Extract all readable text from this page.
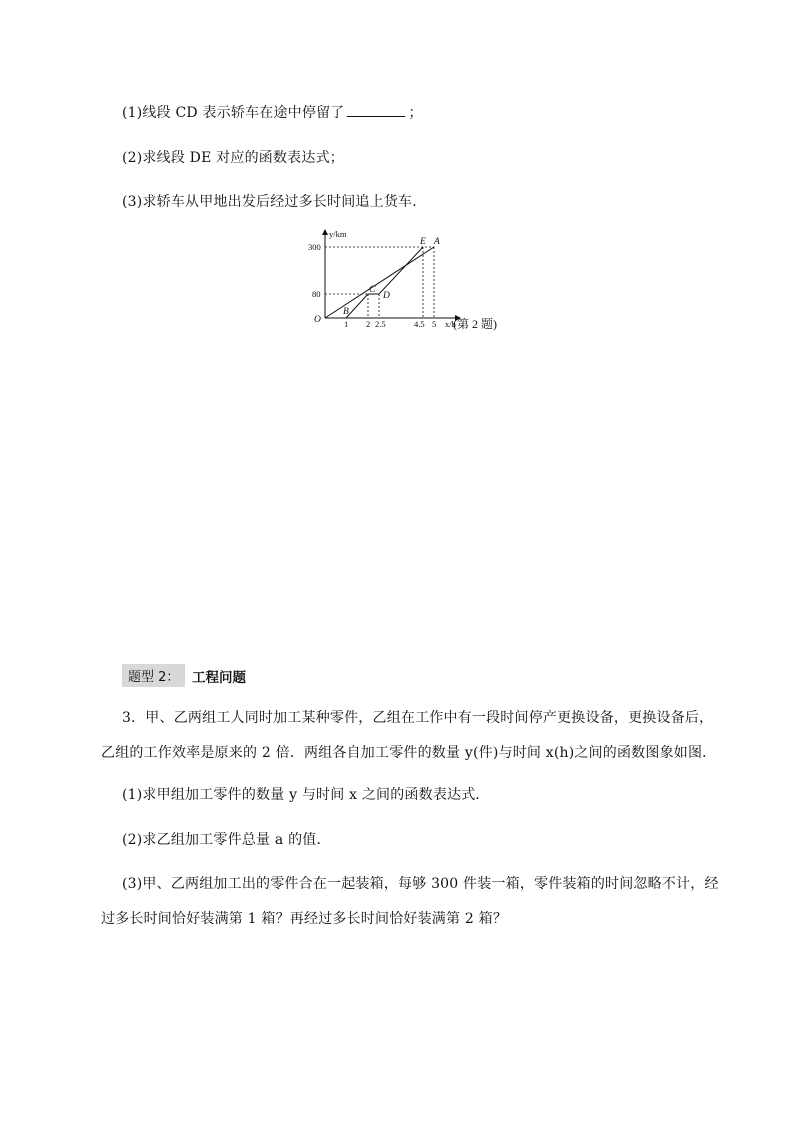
(1)线段 CD 表示轿车在途中停留了	；
(2)求线段 DE 对应的函数表达式；
(3)求轿车从甲地出发后经过多长时间追上货车．
y/km
x/h
300
80
1 2 2.5	4.5 5
O
A
B
C
D
E
(第 2 题)
题型 2： 工程问题
3．甲、乙两组工人同时加工某种零件，乙组在工作中有一段时间停产更换设备，更换设备后，
乙组的工作效率是原来的 2 倍．两组各自加工零件的数量 y(件)与时间 x(h)之间的函数图象如图．
(1)求甲组加工零件的数量 y 与时间 x 之间的函数表达式．
(2)求乙组加工零件总量 a 的值．
(3)甲、乙两组加工出的零件合在一起装箱，每够 300 件装一箱，零件装箱的时间忽略不计，经
过多长时间恰好装满第 1 箱？再经过多长时间恰好装满第 2 箱？
